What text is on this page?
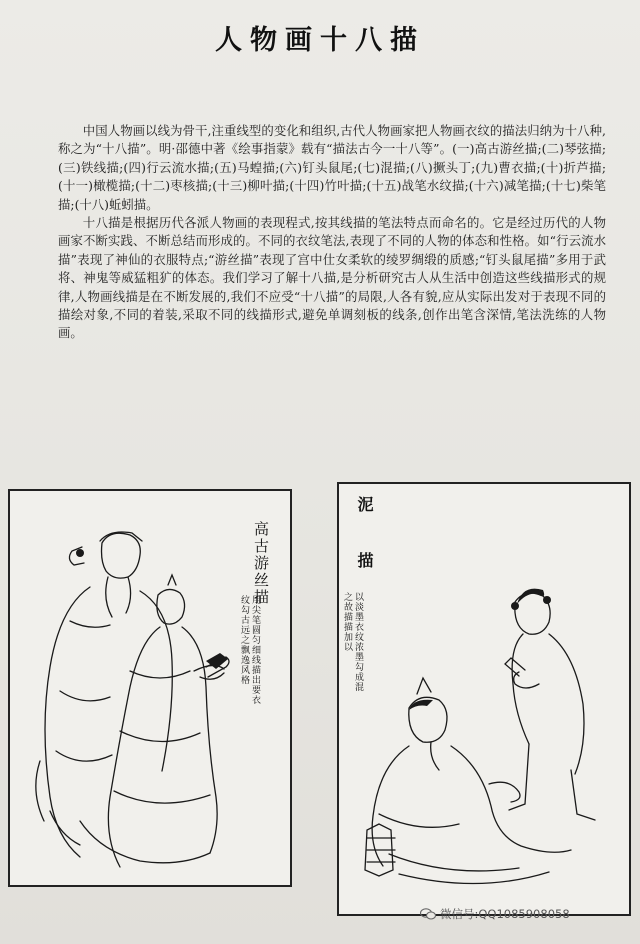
人物画十八描

中国人物画以线为骨干,注重线型的变化和组织,古代人物画家把人物画衣纹的描法归纳为十八种,称之为“十八描”。明·邵德中著《绘事指蒙》载有“描法古今一十八等”。(一)高古游丝描;(二)琴弦描;(三)铁线描;(四)行云流水描;(五)马蝗描;(六)钉头鼠尾;(七)混描;(八)撅头丁;(九)曹衣描;(十)折芦描;(十一)橄榄描;(十二)枣核描;(十三)柳叶描;(十四)竹叶描;(十五)战笔水纹描;(十六)减笔描;(十七)柴笔描;(十八)蚯蚓描。

十八描是根据历代各派人物画的表现程式,按其线描的笔法特点而命名的。它是经过历代的人物画家不断实践、不断总结而形成的。不同的衣纹笔法,表现了不同的人物的体态和性格。如“行云流水描”表现了神仙的衣服特点;“游丝描”表现了宫中仕女柔软的绫罗绸缎的质感;“钉头鼠尾描”多用于武将、神鬼等威猛粗犷的体态。我们学习了解十八描,是分析研究古人从生活中创造这些线描形式的规律,人物画线描是在不断发展的,我们不应受“十八描”的局限,人各有貌,应从实际出发对于表现不同的描绘对象,不同的着装,采取不同的线描形式,避免单调刻板的线条,创作出笔含深情,笔法洗练的人物画。

高古游丝描
用尖笔圆匀细线描出要衣纹勾古远之飘逸风格
泥
描
以淡墨衣纹浓墨勾成混之故描描加以
微信号:QQ1085908058
